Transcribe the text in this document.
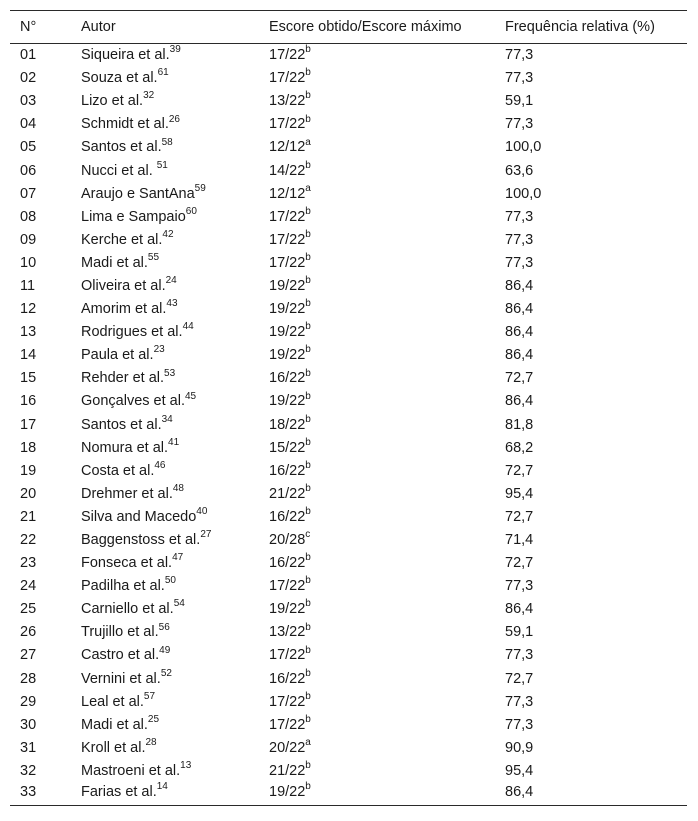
N°	Autor	Escore obtido/Escore máximo	Frequência relativa (%)
01	Siqueira et al.$^{39}$	17/22$^b$	77,3
02	Souza et al.$^{61}$	17/22$^b$	77,3
03	Lizo et al.$^{32}$	13/22$^b$	59,1
04	Schmidt et al.$^{26}$	17/22$^b$	77,3
05	Santos et al.$^{58}$	12/12$^a$	100,0
06	Nucci et al. $^{51}$	14/22$^b$	63,6
07	Araujo e SantAna$^{59}$	12/12$^a$	100,0
08	Lima e Sampaio$^{60}$	17/22$^b$	77,3
09	Kerche et al.$^{42}$	17/22$^b$	77,3
10	Madi et al.$^{55}$	17/22$^b$	77,3
11	Oliveira et al.$^{24}$	19/22$^b$	86,4
12	Amorim et al.$^{43}$	19/22$^b$	86,4
13	Rodrigues et al.$^{44}$	19/22$^b$	86,4
14	Paula et al.$^{23}$	19/22$^b$	86,4
15	Rehder et al.$^{53}$	16/22$^b$	72,7
16	Gonçalves et al.$^{45}$	19/22$^b$	86,4
17	Santos et al.$^{34}$	18/22$^b$	81,8
18	Nomura et al.$^{41}$	15/22$^b$	68,2
19	Costa et al.$^{46}$	16/22$^b$	72,7
20	Drehmer et al.$^{48}$	21/22$^b$	95,4
21	Silva and Macedo$^{40}$	16/22$^b$	72,7
22	Baggenstoss et al.$^{27}$	20/28$^c$	71,4
23	Fonseca et al.$^{47}$	16/22$^b$	72,7
24	Padilha et al.$^{50}$	17/22$^b$	77,3
25	Carniello et al.$^{54}$	19/22$^b$	86,4
26	Trujillo et al.$^{56}$	13/22$^b$	59,1
27	Castro et al.$^{49}$	17/22$^b$	77,3
28	Vernini et al.$^{52}$	16/22$^b$	72,7
29	Leal et al.$^{57}$	17/22$^b$	77,3
30	Madi et al.$^{25}$	17/22$^b$	77,3
31	Kroll et al.$^{28}$	20/22$^a$	90,9
32	Mastroeni et al.$^{13}$	21/22$^b$	95,4
33	Farias et al.$^{14}$	19/22$^b$	86,4
